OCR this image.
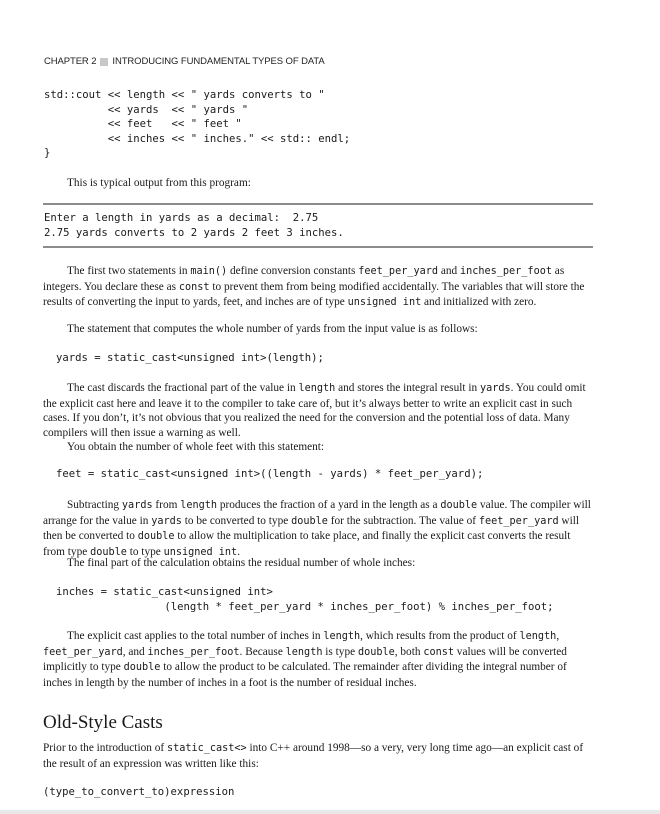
CHAPTER 2 INTRODUCING FUNDAMENTAL TYPES OF DATA
std::cout << length << " yards converts to "
<< yards  << " yards "
<< feet   << " feet "
<< inches << " inches." << std:: endl;
}

This is typical output from this program:

Enter a length in yards as a decimal:  2.75
2.75 yards converts to 2 yards 2 feet 3 inches.

The first two statements in main() define conversion constants feet_per_yard and inches_per_foot as integers. You declare these as const to prevent them from being modified accidentally. The variables that will store the results of converting the input to yards, feet, and inches are of type unsigned int and initialized with zero.

The statement that computes the whole number of yards from the input value is as follows:

yards = static_cast<unsigned int>(length);

The cast discards the fractional part of the value in length and stores the integral result in yards. You could omit the explicit cast here and leave it to the compiler to take care of, but it’s always better to write an explicit cast in such cases. If you don’t, it’s not obvious that you realized the need for the conversion and the potential loss of data. Many compilers will then issue a warning as well.

You obtain the number of whole feet with this statement:

feet = static_cast<unsigned int>((length - yards) * feet_per_yard);

Subtracting yards from length produces the fraction of a yard in the length as a double value. The compiler will arrange for the value in yards to be converted to type double for the subtraction. The value of feet_per_yard will then be converted to double to allow the multiplication to take place, and finally the explicit cast converts the result from type double to type unsigned int.

The final part of the calculation obtains the residual number of whole inches:

inches = static_cast<unsigned int>
(length * feet_per_yard * inches_per_foot) % inches_per_foot;

The explicit cast applies to the total number of inches in length, which results from the product of length, feet_per_yard, and inches_per_foot. Because length is type double, both const values will be converted implicitly to type double to allow the product to be calculated. The remainder after dividing the integral number of inches in length by the number of inches in a foot is the number of residual inches.

Old-Style Casts

Prior to the introduction of static_cast<> into C++ around 1998—so a very, very long time ago—an explicit cast of the result of an expression was written like this:

(type_to_convert_to)expression
